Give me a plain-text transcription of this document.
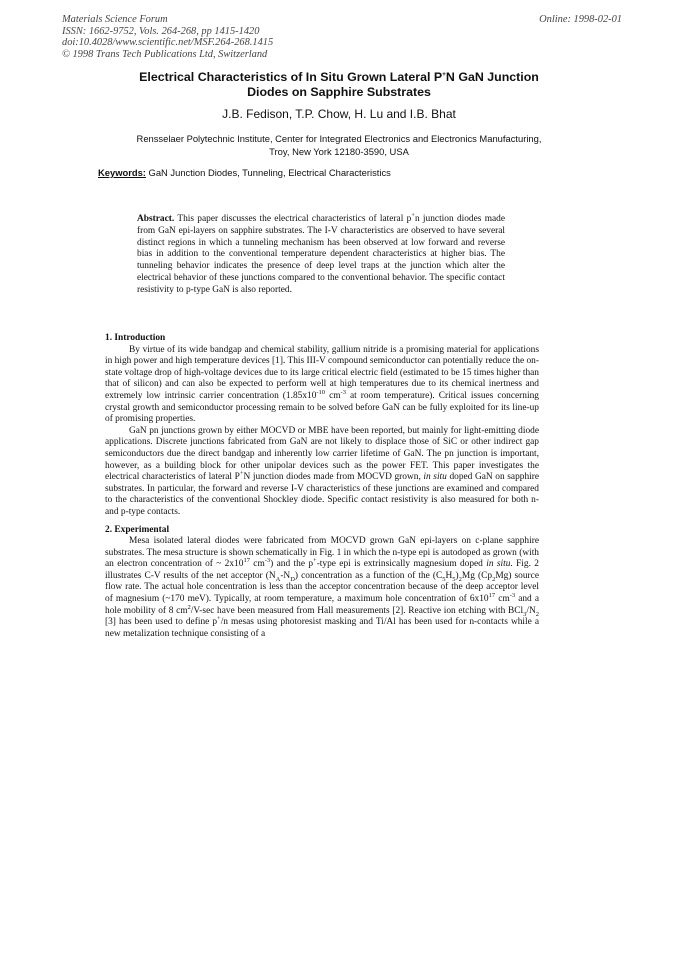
Materials Science Forum
ISSN: 1662-9752, Vols. 264-268, pp 1415-1420
doi:10.4028/www.scientific.net/MSF.264-268.1415
© 1998 Trans Tech Publications Ltd, Switzerland
Online: 1998-02-01
Electrical Characteristics of In Situ Grown Lateral P+N GaN Junction
Diodes on Sapphire Substrates
J.B. Fedison, T.P. Chow, H. Lu and I.B. Bhat
Rensselaer Polytechnic Institute, Center for Integrated Electronics and Electronics Manufacturing,
Troy, New York 12180-3590, USA
Keywords: GaN Junction Diodes, Tunneling, Electrical Characteristics
Abstract. This paper discusses the electrical characteristics of lateral p+n junction diodes made from GaN epi-layers on sapphire substrates. The I-V characteristics are observed to have several distinct regions in which a tunneling mechanism has been observed at low forward and reverse bias in addition to the conventional temperature dependent characteristics at higher bias. The tunneling behavior indicates the presence of deep level traps at the junction which alter the electrical behavior of these junctions compared to the conventional behavior. The specific contact resistivity to p-type GaN is also reported.
1. Introduction

By virtue of its wide bandgap and chemical stability, gallium nitride is a promising material for applications in high power and high temperature devices [1]. This III-V compound semiconductor can potentially reduce the on-state voltage drop of high-voltage devices due to its large critical electric field (estimated to be 15 times higher than that of silicon) and can also be expected to perform well at high temperatures due to its chemical inertness and extremely low intrinsic carrier concentration ($1.85x10^{-10}$ $cm^{-3}$ at room temperature). Critical issues concerning crystal growth and semiconductor processing remain to be solved before GaN can be fully exploited for its line-up of promising properties.

GaN pn junctions grown by either MOCVD or MBE have been reported, but mainly for light-emitting diode applications. Discrete junctions fabricated from GaN are not likely to displace those of SiC or other indirect gap semiconductors due the direct bandgap and inherently low carrier lifetime of GaN. The pn junction is important, however, as a building block for other unipolar devices such as the power FET. This paper investigates the electrical characteristics of lateral P+N junction diodes made from MOCVD grown, in situ doped GaN on sapphire substrates. In particular, the forward and reverse I-V characteristics of these junctions are examined and compared to the characteristics of the conventional Shockley diode. Specific contact resistivity is also measured for both n- and p-type contacts.

2. Experimental

Mesa isolated lateral diodes were fabricated from MOCVD grown GaN epi-layers on c-plane sapphire substrates. The mesa structure is shown schematically in Fig. 1 in which the n-type epi is autodoped as grown (with an electron concentration of ~ $2x10^{17}$ $cm^{-3}$) and the p+-type epi is extrinsically magnesium doped in situ. Fig. 2 illustrates C-V results of the net acceptor $(N_A-N_D)$ concentration as a function of the $(C_5H_5)_2Mg$ $(Cp_2Mg)$ source flow rate. The actual hole concentration is less than the acceptor concentration because of the deep acceptor level of magnesium (~170 meV). Typically, at room temperature, a maximum hole concentration of $6x10^{17}$ $cm^{-3}$ and a hole mobility of 8 $cm^2/V-\sec$ have been measured from Hall measurements [2]. Reactive ion etching with $BCl_3/N_2$ [3] has been used to define p+/n mesas using photoresist masking and Ti/Al has been used for n-contacts while a new metalization technique consisting of a
